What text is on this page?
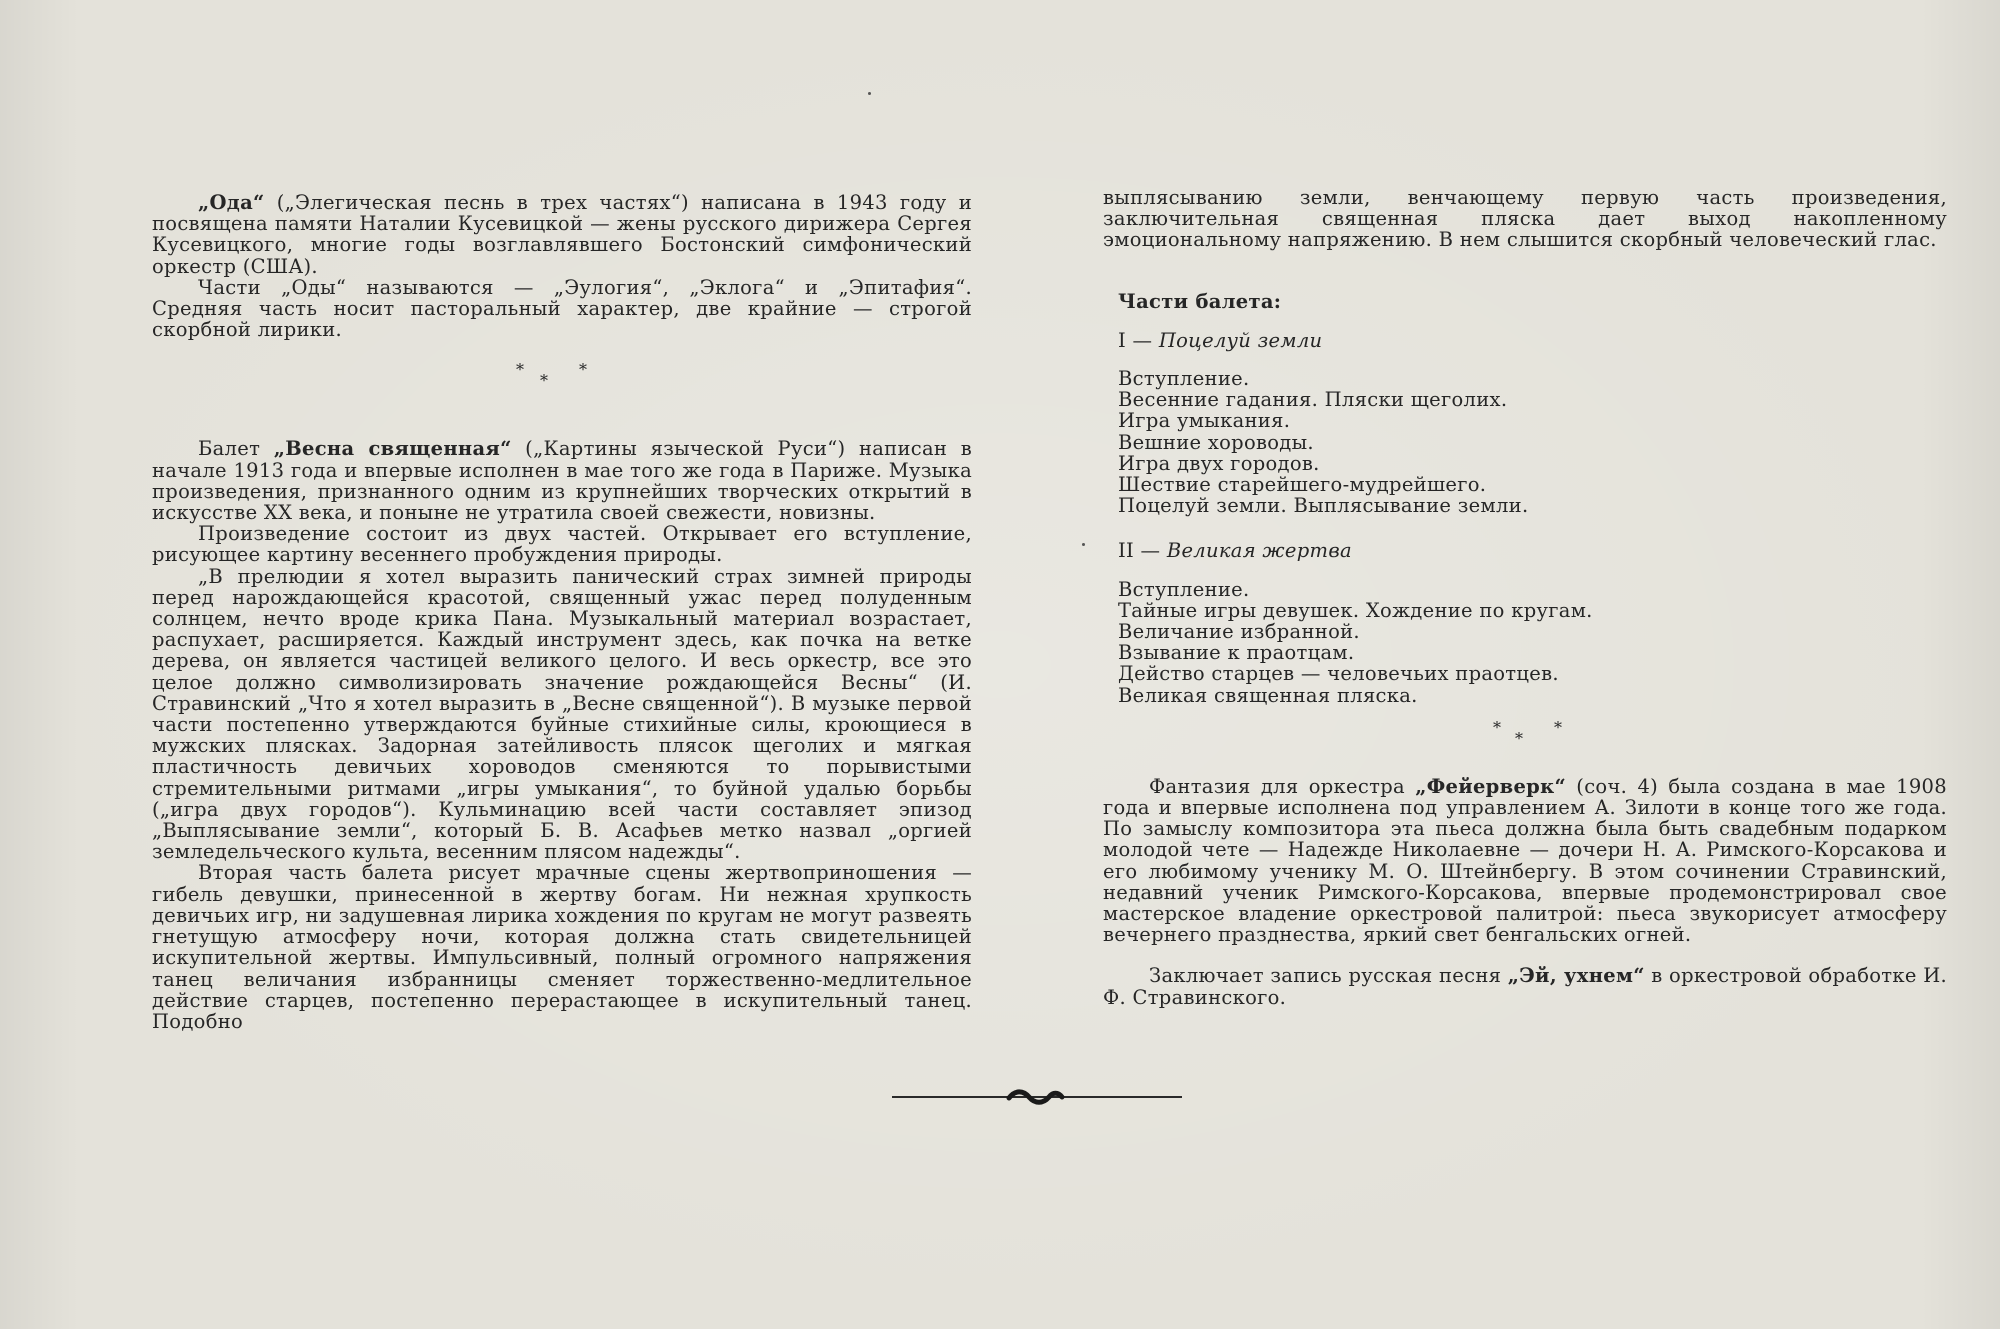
„Ода“ („Элегическая песнь в трех частях“) написана в 1943 году и посвящена памяти Наталии Кусевицкой — жены русского дирижера Сергея Кусевицкого, многие годы возглавлявшего Бостонский симфонический оркестр (США).

Части „Оды“ называются — „Эулогия“, „Эклога“ и „Эпитафия“. Средняя часть носит пасторальный характер, две крайние — строгой скорбной лирики.

*
*
*

Балет „Весна священная“ („Картины языческой Руси“) написан в начале 1913 года и впервые исполнен в мае того же года в Париже. Музыка произведения, признанного одним из крупнейших творческих открытий в искусстве XX века, и поныне не утратила своей свежести, новизны.

Произведение состоит из двух частей. Открывает его вступление, рисующее картину весеннего пробуждения природы.

„В прелюдии я хотел выразить панический страх зимней природы перед нарождающейся красотой, священный ужас перед полуденным солнцем, нечто вроде крика Пана. Музыкальный материал возрастает, распухает, расширяется. Каждый инструмент здесь, как почка на ветке дерева, он является частицей великого целого. И весь оркестр, все это целое должно символизировать значение рождающейся Весны“ (И. Стравинский „Что я хотел выразить в „Весне священной“). В музыке первой части постепенно утверждаются буйные стихийные силы, кроющиеся в мужских плясках. Задорная затейливость плясок щеголих и мягкая пластичность девичьих хороводов сменяются то порывистыми стремительными ритмами „игры умыкания“, то буйной удалью борьбы („игра двух городов“). Кульминацию всей части составляет эпизод „Выплясывание земли“, который Б. В. Асафьев метко назвал „оргией земледельческого культа, весенним плясом надежды“.

Вторая часть балета рисует мрачные сцены жертвоприношения — гибель девушки, принесенной в жертву богам. Ни нежная хрупкость девичьих игр, ни задушевная лирика хождения по кругам не могут развеять гнетущую атмосферу ночи, которая должна стать свидетельницей искупительной жертвы. Импульсивный, полный огромного напряжения танец величания избранницы сменяет торжественно-медлительное действие старцев, постепенно перерастающее в искупительный танец. Подобно

выплясыванию земли, венчающему первую часть произведения, заключительная священная пляска дает выход накопленному эмоциональному напряжению. В нем слышится скорбный человеческий глас.

Части балета:
I — Поцелуй земли
Вступление.
Весенние гадания. Пляски щеголих.
Игра умыкания.
Вешние хороводы.
Игра двух городов.
Шествие старейшего-мудрейшего.
Поцелуй земли. Выплясывание земли.
II — Великая жертва
Вступление.
Тайные игры девушек. Хождение по кругам.
Величание избранной.
Взывание к праотцам.
Действо старцев — человечьих праотцев.
Великая священная пляска.
*
*
*

Фантазия для оркестра „Фейерверк“ (соч. 4) была создана в мае 1908 года и впервые исполнена под управлением А. Зилоти в конце того же года. По замыслу композитора эта пьеса должна была быть свадебным подарком молодой чете — Надежде Николаевне — дочери Н. А. Римского-Корсакова и его любимому ученику М. О. Штейнбергу. В этом сочинении Стравинский, недавний ученик Римского-Корсакова, впервые продемонстрировал свое мастерское владение оркестровой палитрой: пьеса звукорисует атмосферу вечернего празднества, яркий свет бенгальских огней.

Заключает запись русская песня „Эй, ухнем“ в оркестровой обработке И. Ф. Стравинского.
